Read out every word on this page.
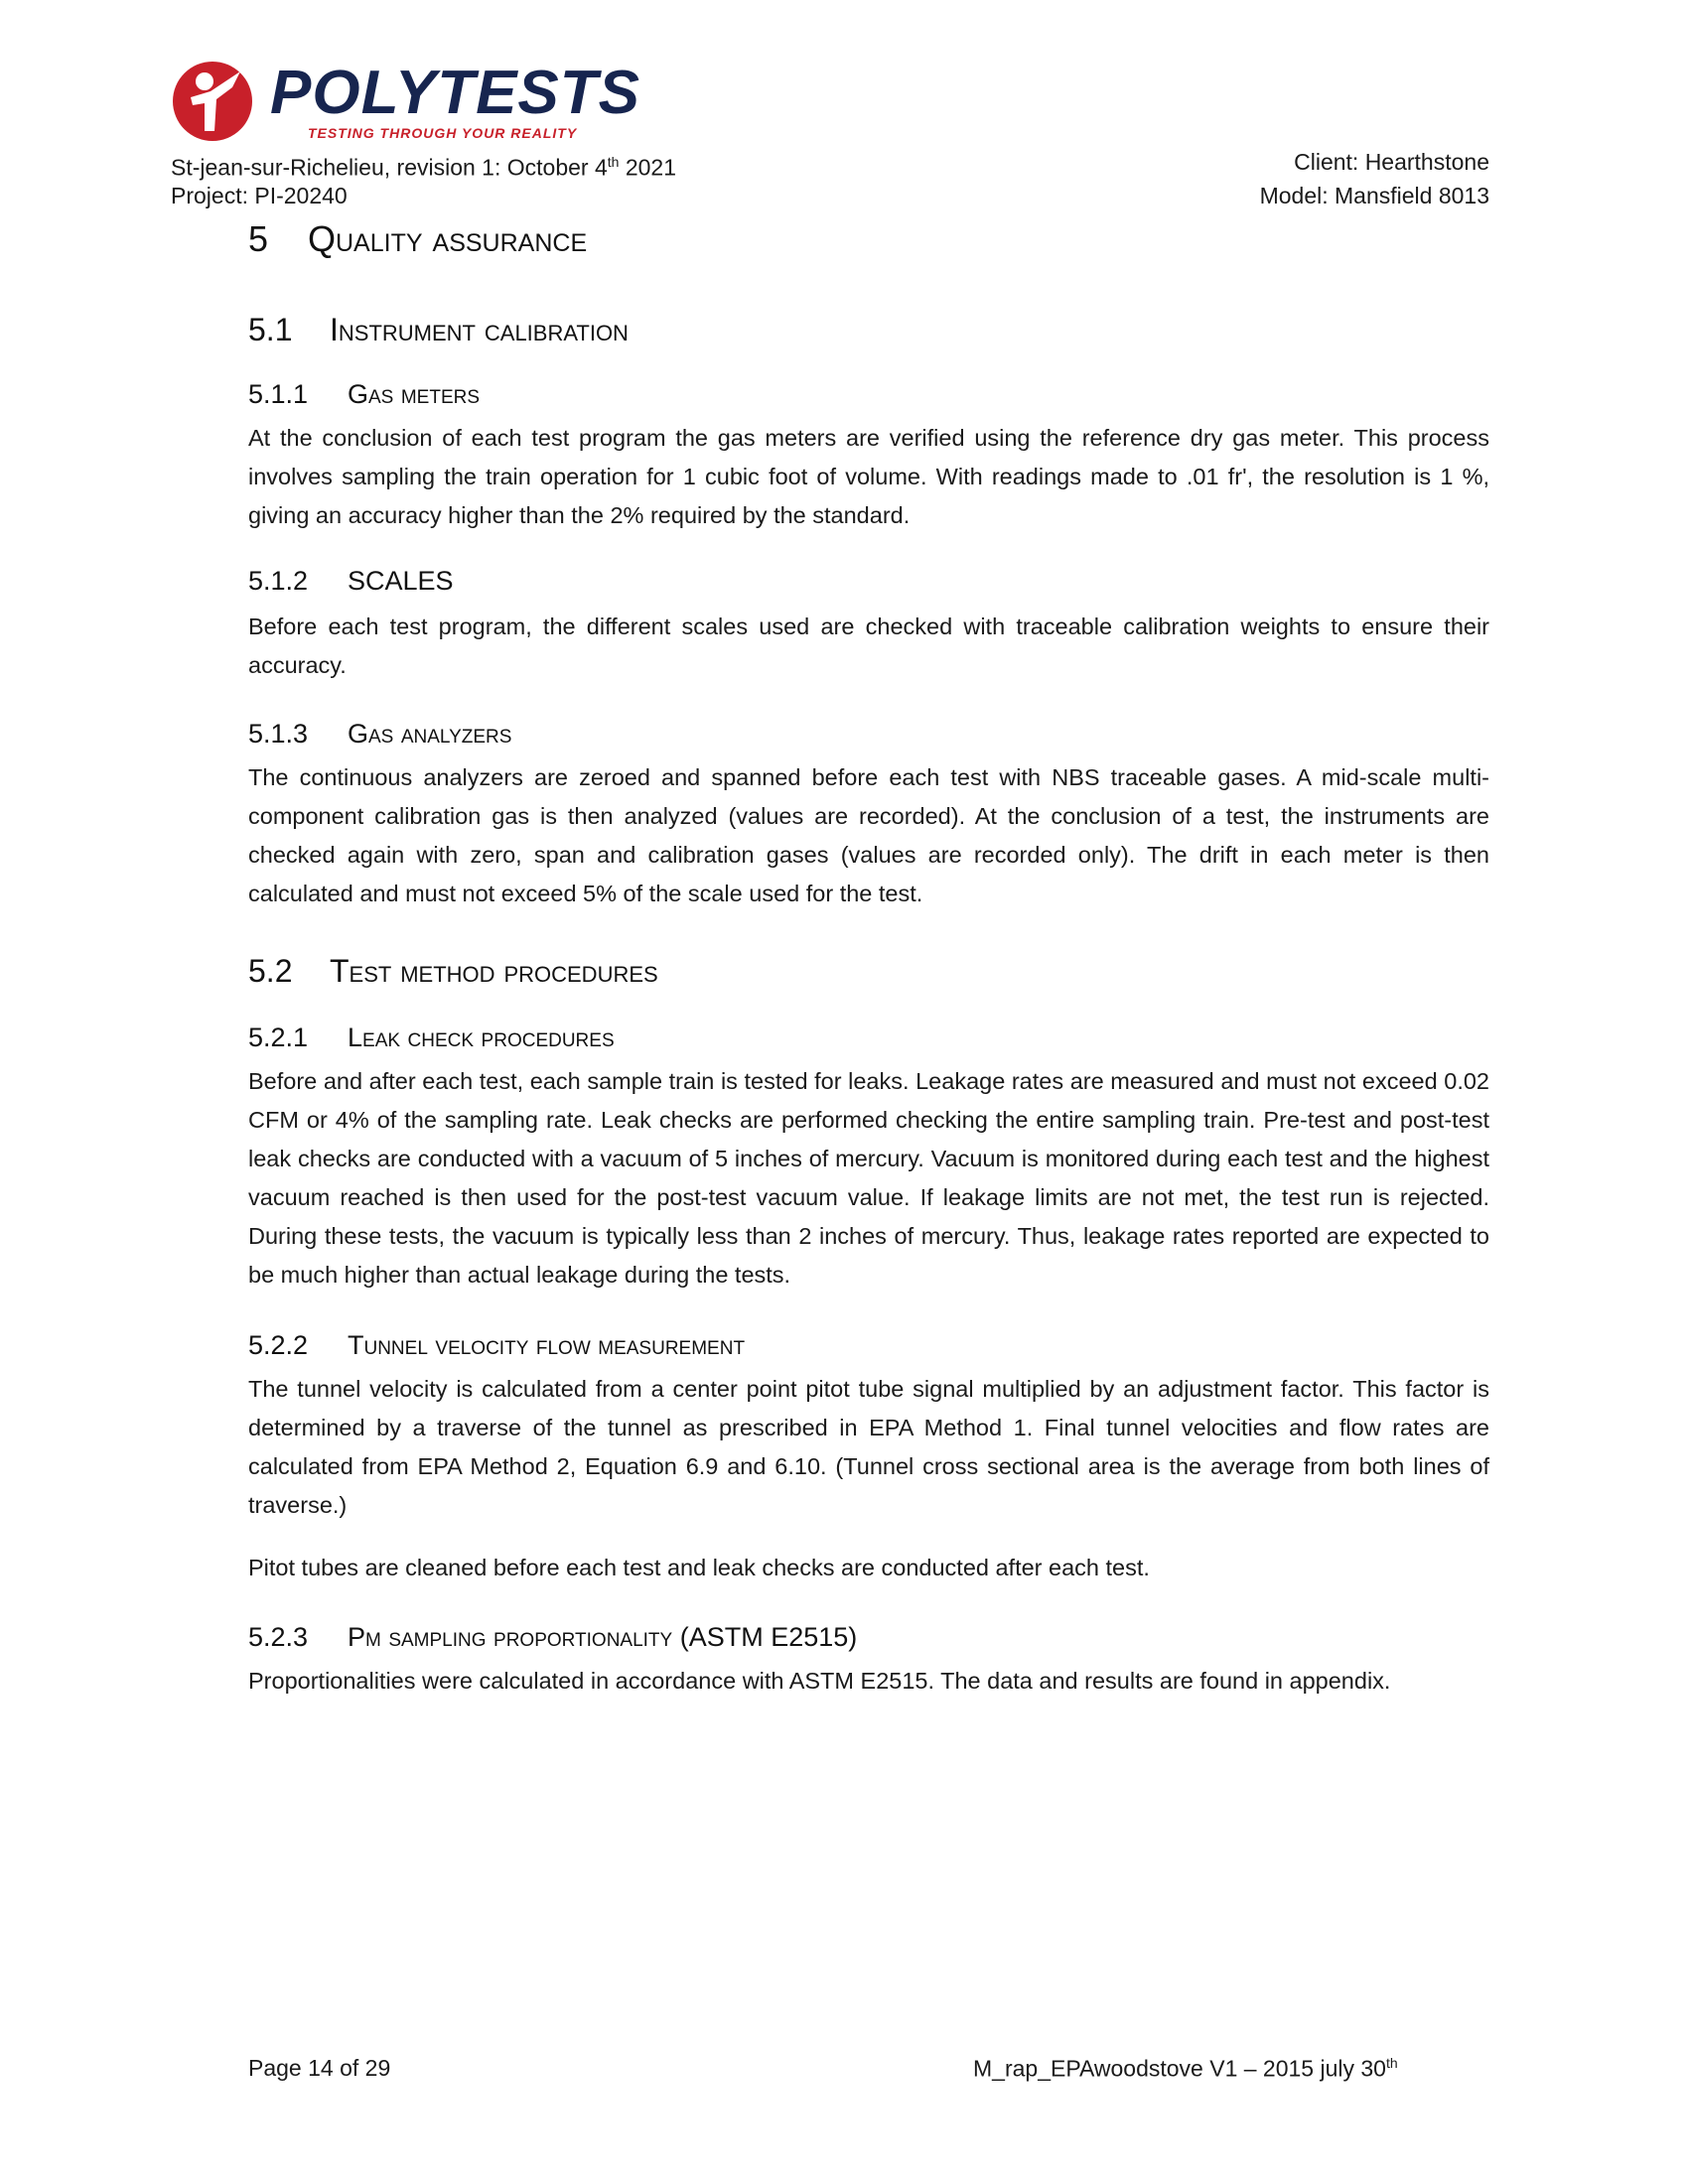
POLYTESTS
TESTING THROUGH YOUR REALITY
St-jean-sur-Richelieu, revision 1: October 4th 2021
Project: PI-20240
Client: Hearthstone
Model: Mansfield 8013
5 Quality assurance
5.1 Instrument calibration
5.1.1 Gas meters
At the conclusion of each test program the gas meters are verified using the reference dry gas meter. This process involves sampling the train operation for 1 cubic foot of volume. With readings made to .01 fr', the resolution is 1 %, giving an accuracy higher than the 2% required by the standard.
5.1.2 SCALES
Before each test program, the different scales used are checked with traceable calibration weights to ensure their accuracy.
5.1.3 Gas analyzers
The continuous analyzers are zeroed and spanned before each test with NBS traceable gases. A mid-scale multi-component calibration gas is then analyzed (values are recorded). At the conclusion of a test, the instruments are checked again with zero, span and calibration gases (values are recorded only). The drift in each meter is then calculated and must not exceed 5% of the scale used for the test.
5.2 Test method procedures
5.2.1 Leak check procedures
Before and after each test, each sample train is tested for leaks. Leakage rates are measured and must not exceed 0.02 CFM or 4% of the sampling rate. Leak checks are performed checking the entire sampling train. Pre-test and post-test leak checks are conducted with a vacuum of 5 inches of mercury. Vacuum is monitored during each test and the highest vacuum reached is then used for the post-test vacuum value. If leakage limits are not met, the test run is rejected. During these tests, the vacuum is typically less than 2 inches of mercury. Thus, leakage rates reported are expected to be much higher than actual leakage during the tests.
5.2.2 Tunnel velocity flow measurement
The tunnel velocity is calculated from a center point pitot tube signal multiplied by an adjustment factor. This factor is determined by a traverse of the tunnel as prescribed in EPA Method 1. Final tunnel velocities and flow rates are calculated from EPA Method 2, Equation 6.9 and 6.10. (Tunnel cross sectional area is the average from both lines of traverse.)
Pitot tubes are cleaned before each test and leak checks are conducted after each test.
5.2.3 Pm sampling proportionality (ASTM E2515)
Proportionalities were calculated in accordance with ASTM E2515. The data and results are found in appendix.
Page 14 of 29	M_rap_EPAwoodstove V1 – 2015 july 30th
